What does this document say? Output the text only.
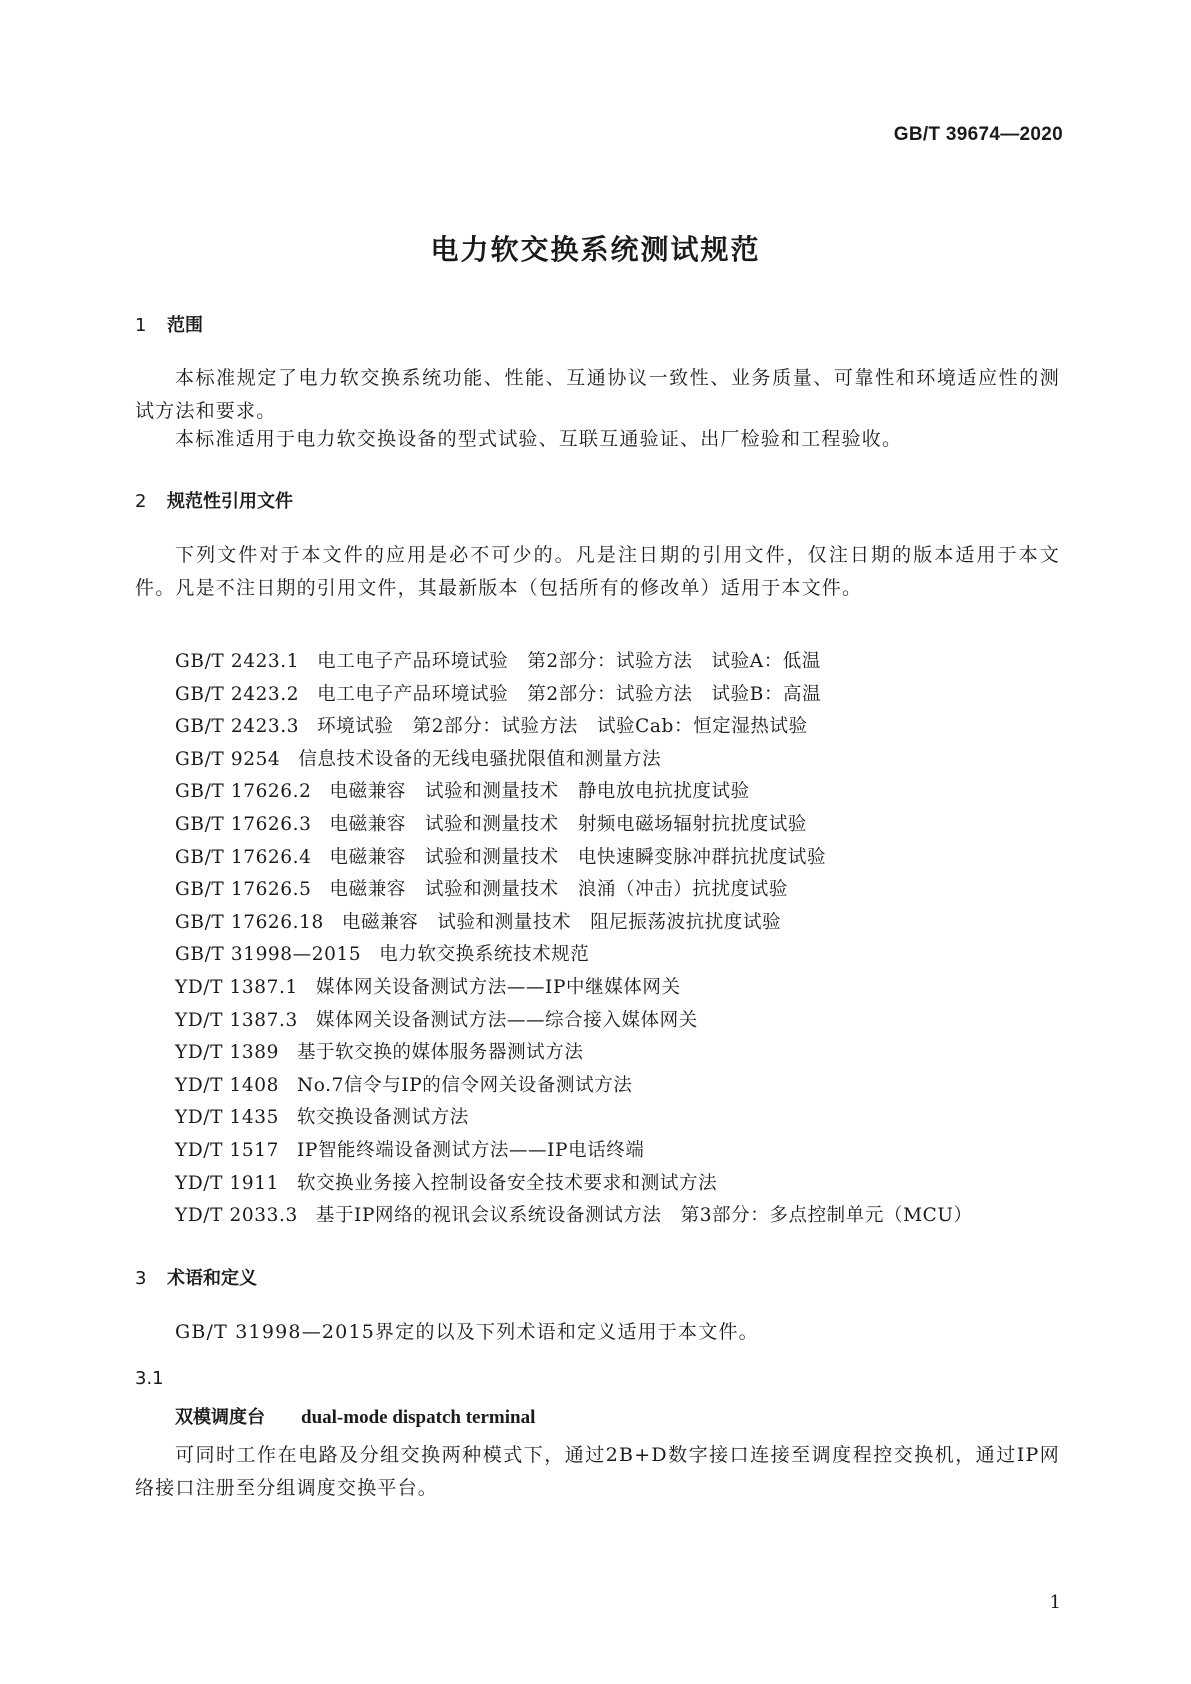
GB/T 39674—2020
电力软交换系统测试规范
1 范围

本标准规定了电力软交换系统功能、性能、互通协议一致性、业务质量、可靠性和环境适应性的测试方法和要求。

本标准适用于电力软交换设备的型式试验、互联互通验证、出厂检验和工程验收。

2 规范性引用文件

下列文件对于本文件的应用是必不可少的。凡是注日期的引用文件，仅注日期的版本适用于本文件。凡是不注日期的引用文件，其最新版本（包括所有的修改单）适用于本文件。

GB/T 2423.1 电工电子产品环境试验　第2部分：试验方法　试验A：低温
GB/T 2423.2 电工电子产品环境试验　第2部分：试验方法　试验B：高温
GB/T 2423.3 环境试验　第2部分：试验方法　试验Cab：恒定湿热试验
GB/T 9254 信息技术设备的无线电骚扰限值和测量方法
GB/T 17626.2 电磁兼容　试验和测量技术　静电放电抗扰度试验
GB/T 17626.3 电磁兼容　试验和测量技术　射频电磁场辐射抗扰度试验
GB/T 17626.4 电磁兼容　试验和测量技术　电快速瞬变脉冲群抗扰度试验
GB/T 17626.5 电磁兼容　试验和测量技术　浪涌（冲击）抗扰度试验
GB/T 17626.18 电磁兼容　试验和测量技术　阻尼振荡波抗扰度试验
GB/T 31998—2015 电力软交换系统技术规范
YD/T 1387.1 媒体网关设备测试方法——IP中继媒体网关
YD/T 1387.3 媒体网关设备测试方法——综合接入媒体网关
YD/T 1389 基于软交换的媒体服务器测试方法
YD/T 1408 No.7信令与IP的信令网关设备测试方法
YD/T 1435 软交换设备测试方法
YD/T 1517 IP智能终端设备测试方法——IP电话终端
YD/T 1911 软交换业务接入控制设备安全技术要求和测试方法
YD/T 2033.3 基于IP网络的视讯会议系统设备测试方法　第3部分：多点控制单元（MCU）
3 术语和定义

GB/T 31998—2015界定的以及下列术语和定义适用于本文件。

3.1
双模调度台 dual-mode dispatch terminal

可同时工作在电路及分组交换两种模式下，通过2B+D数字接口连接至调度程控交换机，通过IP网络接口注册至分组调度交换平台。

1
